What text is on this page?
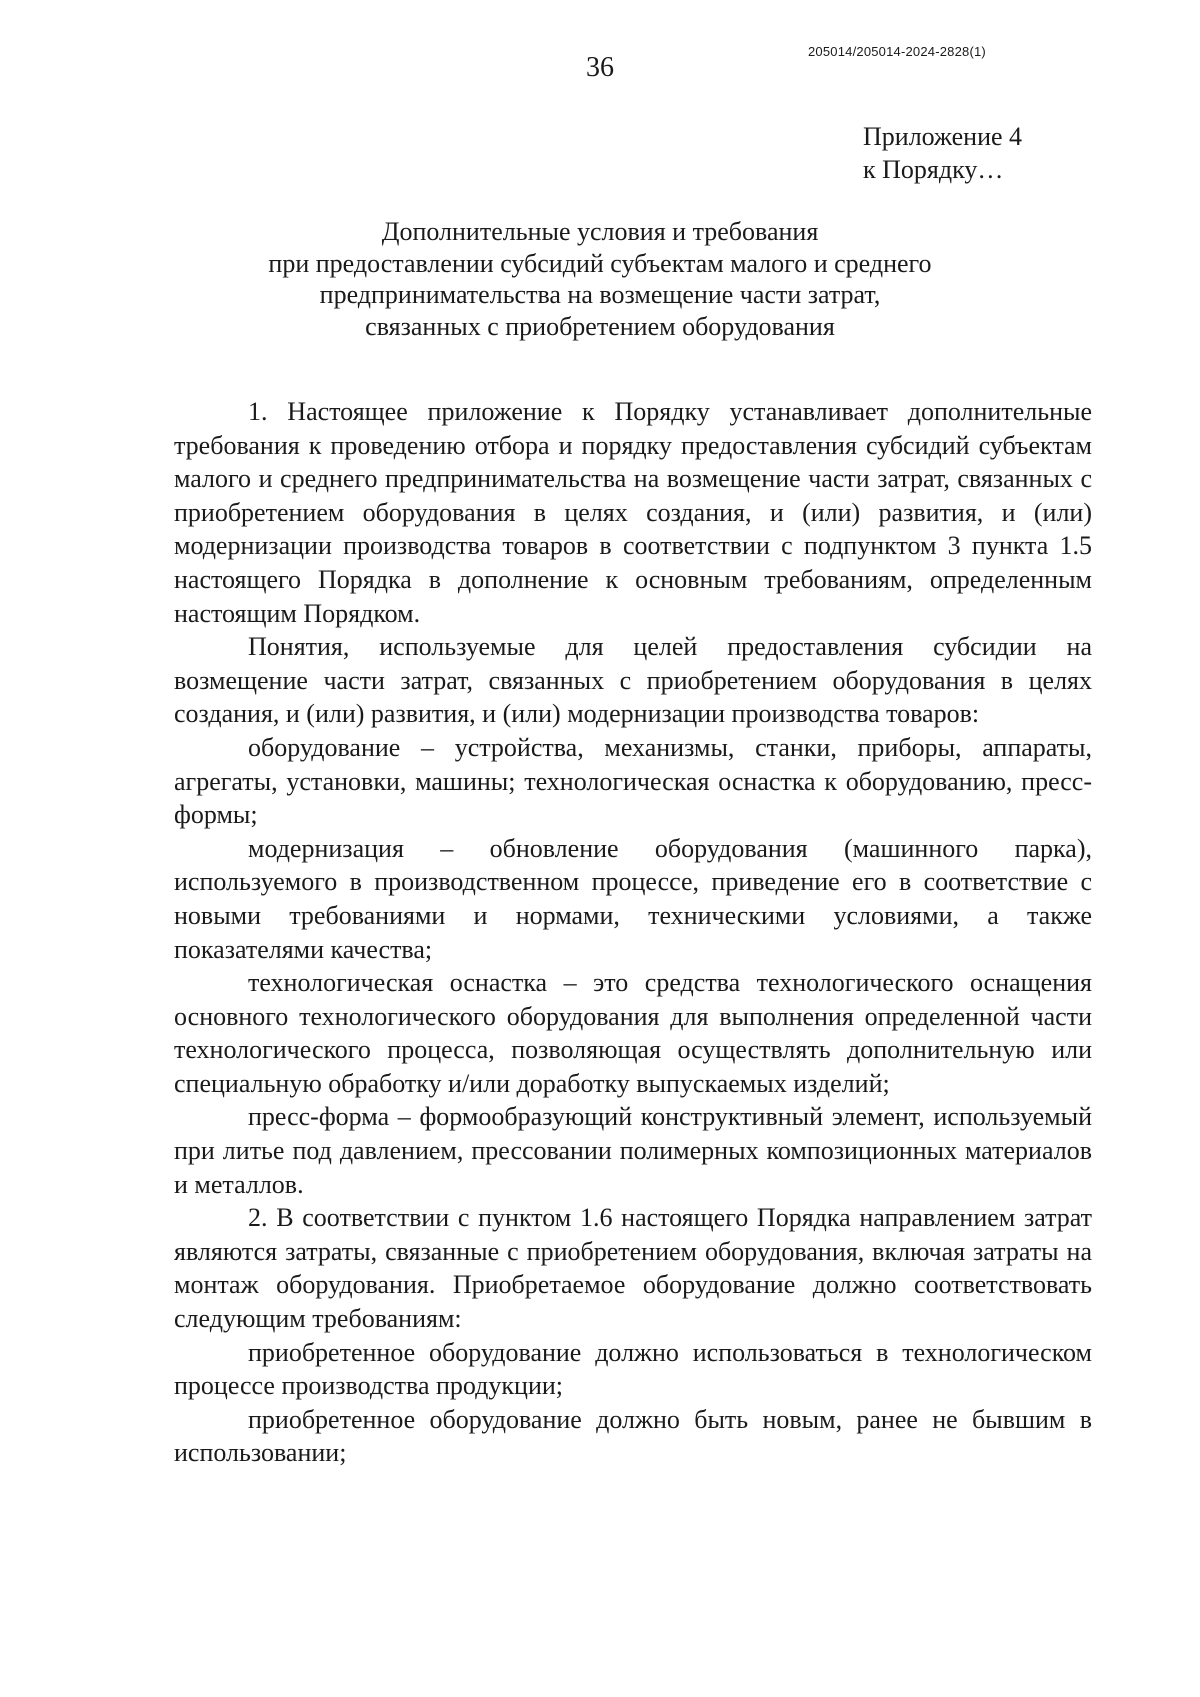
36
205014/205014-2024-2828(1)
Приложение 4
к Порядку…
Дополнительные условия и требования
при предоставлении субсидий субъектам малого и среднего
предпринимательства на возмещение части затрат,
связанных с приобретением оборудования

1. Настоящее приложение к Порядку устанавливает дополнительные требования к проведению отбора и порядку предоставления субсидий субъектам малого и среднего предпринимательства на возмещение части затрат, связанных с приобретением оборудования в целях создания, и (или) развития, и (или) модернизации производства товаров в соответствии с подпунктом 3 пункта 1.5 настоящего Порядка в дополнение к основным требованиям, определенным настоящим Порядком.

Понятия, используемые для целей предоставления субсидии на возмещение части затрат, связанных с приобретением оборудования в целях создания, и (или) развития, и (или) модернизации производства товаров:

оборудование – устройства, механизмы, станки, приборы, аппараты, агрегаты, установки, машины; технологическая оснастка к оборудованию, пресс-формы;

модернизация – обновление оборудования (машинного парка), используемого в производственном процессе, приведение его в соответствие с новыми требованиями и нормами, техническими условиями, а также показателями качества;

технологическая оснастка – это средства технологического оснащения основного технологического оборудования для выполнения определенной части технологического процесса, позволяющая осуществлять дополнительную или специальную обработку и/или доработку выпускаемых изделий;

пресс-форма – формообразующий конструктивный элемент, используемый при литье под давлением, прессовании полимерных композиционных материалов и металлов.

2. В соответствии с пунктом 1.6 настоящего Порядка направлением затрат являются затраты, связанные с приобретением оборудования, включая затраты на монтаж оборудования. Приобретаемое оборудование должно соответствовать следующим требованиям:

приобретенное оборудование должно использоваться в технологическом процессе производства продукции;

приобретенное оборудование должно быть новым, ранее не бывшим в использовании;
